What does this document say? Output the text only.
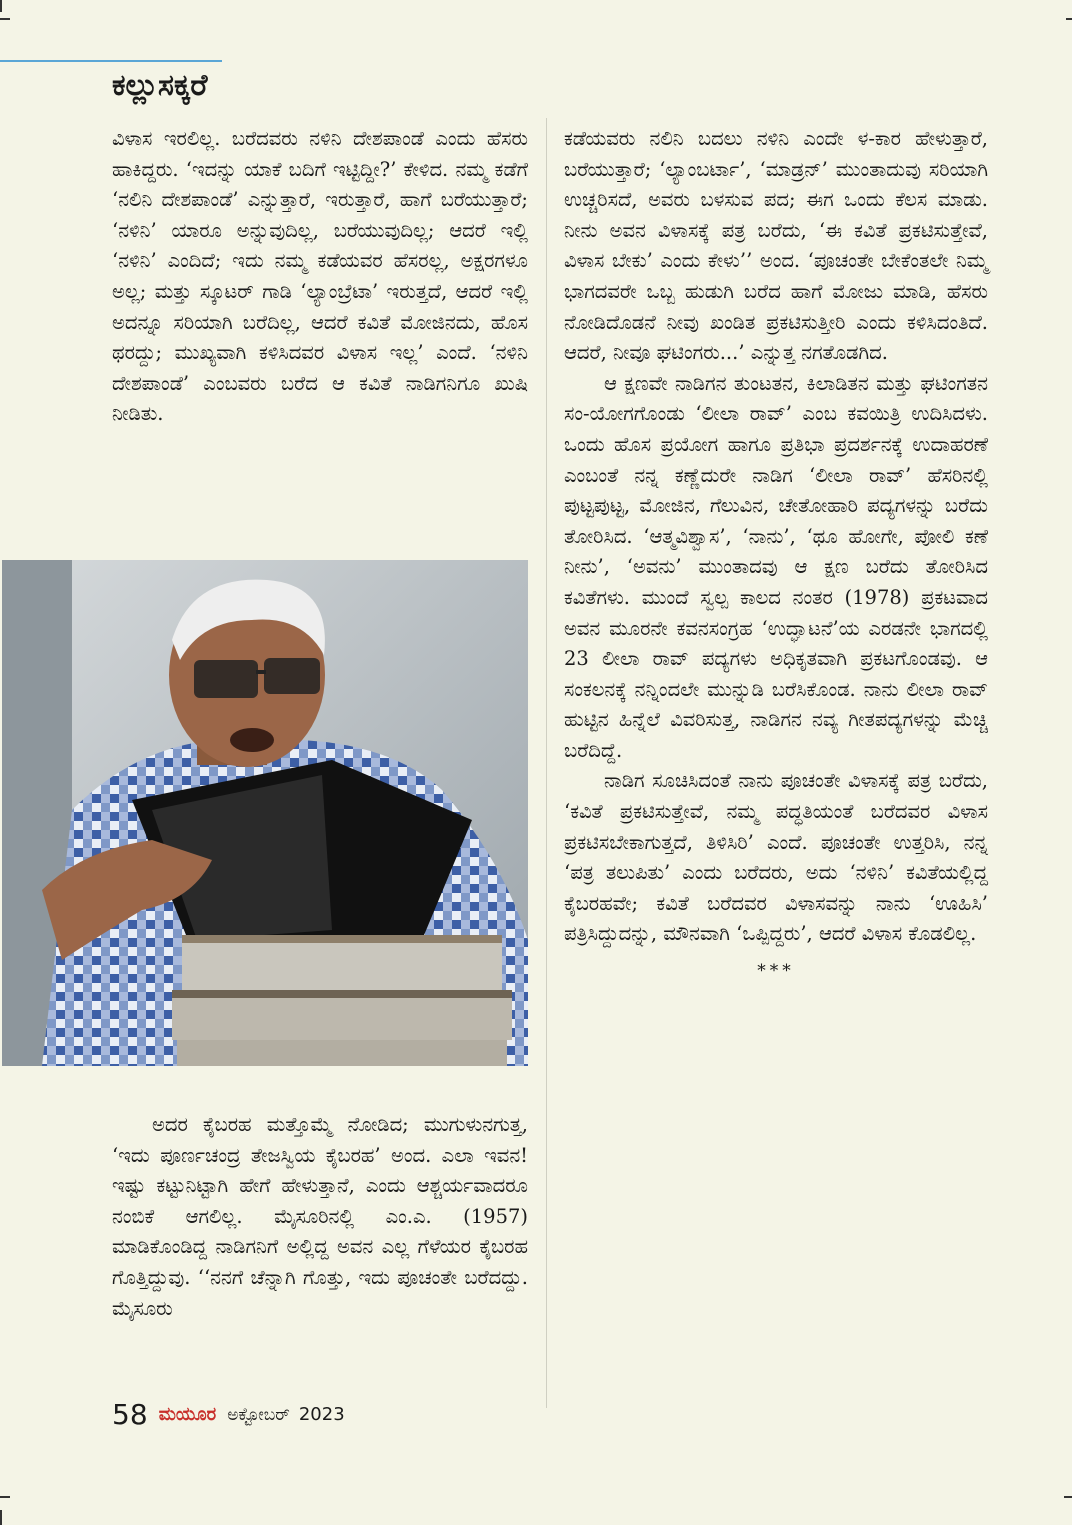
ಕಲ್ಲುಸಕ್ಕರೆ

ವಿಳಾಸ ಇರಲಿಲ್ಲ. ಬರೆದವರು ನಳಿನಿ ದೇಶಪಾಂಡೆ ಎಂದು ಹೆಸರು ಹಾಕಿದ್ದರು. ‘ಇದನ್ನು ಯಾಕೆ ಬದಿಗೆ ಇಟ್ಟಿದ್ದೀ?’ ಕೇಳಿದ. ನಮ್ಮ ಕಡೆಗೆ ‘ನಲಿನಿ ದೇಶಪಾಂಡೆ’ ಎನ್ನುತ್ತಾರೆ, ಇರುತ್ತಾರೆ, ಹಾಗೆ ಬರೆಯುತ್ತಾರೆ; ‘ನಳಿನಿ’ ಯಾರೂ ಅನ್ನುವುದಿಲ್ಲ, ಬರೆಯುವುದಿಲ್ಲ; ಆದರೆ ಇಲ್ಲಿ ‘ನಳಿನಿ’ ಎಂದಿದೆ; ಇದು ನಮ್ಮ ಕಡೆಯವರ ಹೆಸರಲ್ಲ, ಅಕ್ಷರಗಳೂ ಅಲ್ಲ; ಮತ್ತು ಸ್ಕೂಟರ್ ಗಾಡಿ ‘ಲ್ಯಾಂಬ್ರೆಟಾ’ ಇರುತ್ತದೆ, ಆದರೆ ಇಲ್ಲಿ ಅದನ್ನೂ ಸರಿಯಾಗಿ ಬರೆದಿಲ್ಲ, ಆದರೆ ಕವಿತೆ ಮೋಜಿನದು, ಹೊಸ ಥರದ್ದು; ಮುಖ್ಯವಾಗಿ ಕಳಿಸಿದವರ ವಿಳಾಸ ಇಲ್ಲ’ ಎಂದೆ. ‘ನಳಿನಿ ದೇಶಪಾಂಡೆ’ ಎಂಬವರು ಬರೆದ ಆ ಕವಿತೆ ನಾಡಿಗನಿಗೂ ಖುಷಿ ನೀಡಿತು.

ಅದರ ಕೈಬರಹ ಮತ್ತೊಮ್ಮೆ ನೋಡಿದ; ಮುಗುಳುನಗುತ್ತ, ‘ಇದು ಪೂರ್ಣಚಂದ್ರ ತೇಜಸ್ವಿಯ ಕೈಬರಹ’ ಅಂದ. ಎಲಾ ಇವನ! ಇಷ್ಟು ಕಟ್ಟುನಿಟ್ಟಾಗಿ ಹೇಗೆ ಹೇಳುತ್ತಾನೆ, ಎಂದು ಆಶ್ಚರ್ಯವಾದರೂ ನಂಬಿಕೆ ಆಗಲಿಲ್ಲ. ಮೈಸೂರಿನಲ್ಲಿ ಎಂ.ಎ. (1957) ಮಾಡಿಕೊಂಡಿದ್ದ ನಾಡಿಗನಿಗೆ ಅಲ್ಲಿದ್ದ ಅವನ ಎಲ್ಲ ಗೆಳೆಯರ ಕೈಬರಹ ಗೊತ್ತಿದ್ದುವು. ‘‘ನನಗೆ ಚೆನ್ನಾಗಿ ಗೊತ್ತು, ಇದು ಪೂಚಂತೇ ಬರೆದದ್ದು. ಮೈಸೂರು

ಕಡೆಯವರು ನಲಿನಿ ಬದಲು ನಳಿನಿ ಎಂದೇ ಳ-ಕಾರ ಹೇಳುತ್ತಾರೆ, ಬರೆಯುತ್ತಾರೆ; ‘ಲ್ಯಾಂಬರ್ಟಾ’, ‘ಮಾಡ್ರನ್’ ಮುಂತಾದುವು ಸರಿಯಾಗಿ ಉಚ್ಚರಿಸದೆ, ಅವರು ಬಳಸುವ ಪದ; ಈಗ ಒಂದು ಕೆಲಸ ಮಾಡು. ನೀನು ಅವನ ವಿಳಾಸಕ್ಕೆ ಪತ್ರ ಬರೆದು, ‘ಈ ಕವಿತೆ ಪ್ರಕಟಿಸುತ್ತೇವೆ, ವಿಳಾಸ ಬೇಕು’ ಎಂದು ಕೇಳು’’ ಅಂದ. ‘ಪೂಚಂತೇ ಬೇಕೆಂತಲೇ ನಿಮ್ಮ ಭಾಗದವರೇ ಒಬ್ಬ ಹುಡುಗಿ ಬರೆದ ಹಾಗೆ ಮೋಜು ಮಾಡಿ, ಹೆಸರು ನೋಡಿದೊಡನೆ ನೀವು ಖಂಡಿತ ಪ್ರಕಟಿಸುತ್ತೀರಿ ಎಂದು ಕಳಿಸಿದಂತಿದೆ. ಆದರೆ, ನೀವೂ ಘಟಿಂಗರು...’ ಎನ್ನುತ್ತ ನಗತೊಡಗಿದ.

ಆ ಕ್ಷಣವೇ ನಾಡಿಗನ ತುಂಟತನ, ಕಿಲಾಡಿತನ ಮತ್ತು ಘಟಿಂಗತನ ಸಂ-ಯೋಗಗೊಂಡು ‘ಲೀಲಾ ರಾವ್’ ಎಂಬ ಕವಯಿತ್ರಿ ಉದಿಸಿದಳು. ಒಂದು ಹೊಸ ಪ್ರಯೋಗ ಹಾಗೂ ಪ್ರತಿಭಾ ಪ್ರದರ್ಶನಕ್ಕೆ ಉದಾಹರಣೆ ಎಂಬಂತೆ ನನ್ನ ಕಣ್ಣೆದುರೇ ನಾಡಿಗ ‘ಲೀಲಾ ರಾವ್’ ಹೆಸರಿನಲ್ಲಿ ಪುಟ್ಟಪುಟ್ಟ, ಮೋಜಿನ, ಗೆಲುವಿನ, ಚೇತೋಹಾರಿ ಪದ್ಯಗಳನ್ನು ಬರೆದು ತೋರಿಸಿದ. ‘ಆತ್ಮವಿಶ್ವಾಸ’, ‘ನಾನು’, ‘ಥೂ ಹೋಗೇ, ಪೋಲಿ ಕಣೆ ನೀನು’, ‘ಅವನು’ ಮುಂತಾದವು ಆ ಕ್ಷಣ ಬರೆದು ತೋರಿಸಿದ ಕವಿತೆಗಳು. ಮುಂದೆ ಸ್ವಲ್ಪ ಕಾಲದ ನಂತರ (1978) ಪ್ರಕಟವಾದ ಅವನ ಮೂರನೇ ಕವನಸಂಗ್ರಹ ‘ಉದ್ಘಾಟನೆ’ಯ ಎರಡನೇ ಭಾಗದಲ್ಲಿ 23 ಲೀಲಾ ರಾವ್ ಪದ್ಯಗಳು ಅಧಿಕೃತವಾಗಿ ಪ್ರಕಟಗೊಂಡವು. ಆ ಸಂಕಲನಕ್ಕೆ ನನ್ನಿಂದಲೇ ಮುನ್ನುಡಿ ಬರೆಸಿಕೊಂಡ. ನಾನು ಲೀಲಾ ರಾವ್ ಹುಟ್ಟಿನ ಹಿನ್ನೆಲೆ ವಿವರಿಸುತ್ತ, ನಾಡಿಗನ ನವ್ಯ ಗೀತಪದ್ಯಗಳನ್ನು ಮೆಚ್ಚಿ ಬರೆದಿದ್ದೆ.

ನಾಡಿಗ ಸೂಚಿಸಿದಂತೆ ನಾನು ಪೂಚಂತೇ ವಿಳಾಸಕ್ಕೆ ಪತ್ರ ಬರೆದು, ‘ಕವಿತೆ ಪ್ರಕಟಿಸುತ್ತೇವೆ, ನಮ್ಮ ಪದ್ಧತಿಯಂತೆ ಬರೆದವರ ವಿಳಾಸ ಪ್ರಕಟಿಸಬೇಕಾಗುತ್ತದೆ, ತಿಳಿಸಿರಿ’ ಎಂದೆ. ಪೂಚಂತೇ ಉತ್ತರಿಸಿ, ನನ್ನ ‘ಪತ್ರ ತಲುಪಿತು’ ಎಂದು ಬರೆದರು, ಅದು ‘ನಳಿನಿ’ ಕವಿತೆಯಲ್ಲಿದ್ದ ಕೈಬರಹವೇ; ಕವಿತೆ ಬರೆದವರ ವಿಳಾಸವನ್ನು ನಾನು ‘ಊಹಿಸಿ’ ಪತ್ರಿಸಿದ್ದುದನ್ನು, ಮೌನವಾಗಿ ‘ಒಪ್ಪಿದ್ದರು’, ಆದರೆ ವಿಳಾಸ ಕೊಡಲಿಲ್ಲ.

***
58 ಮಯೂರ ಅಕ್ಟೋಬರ್ 2023
